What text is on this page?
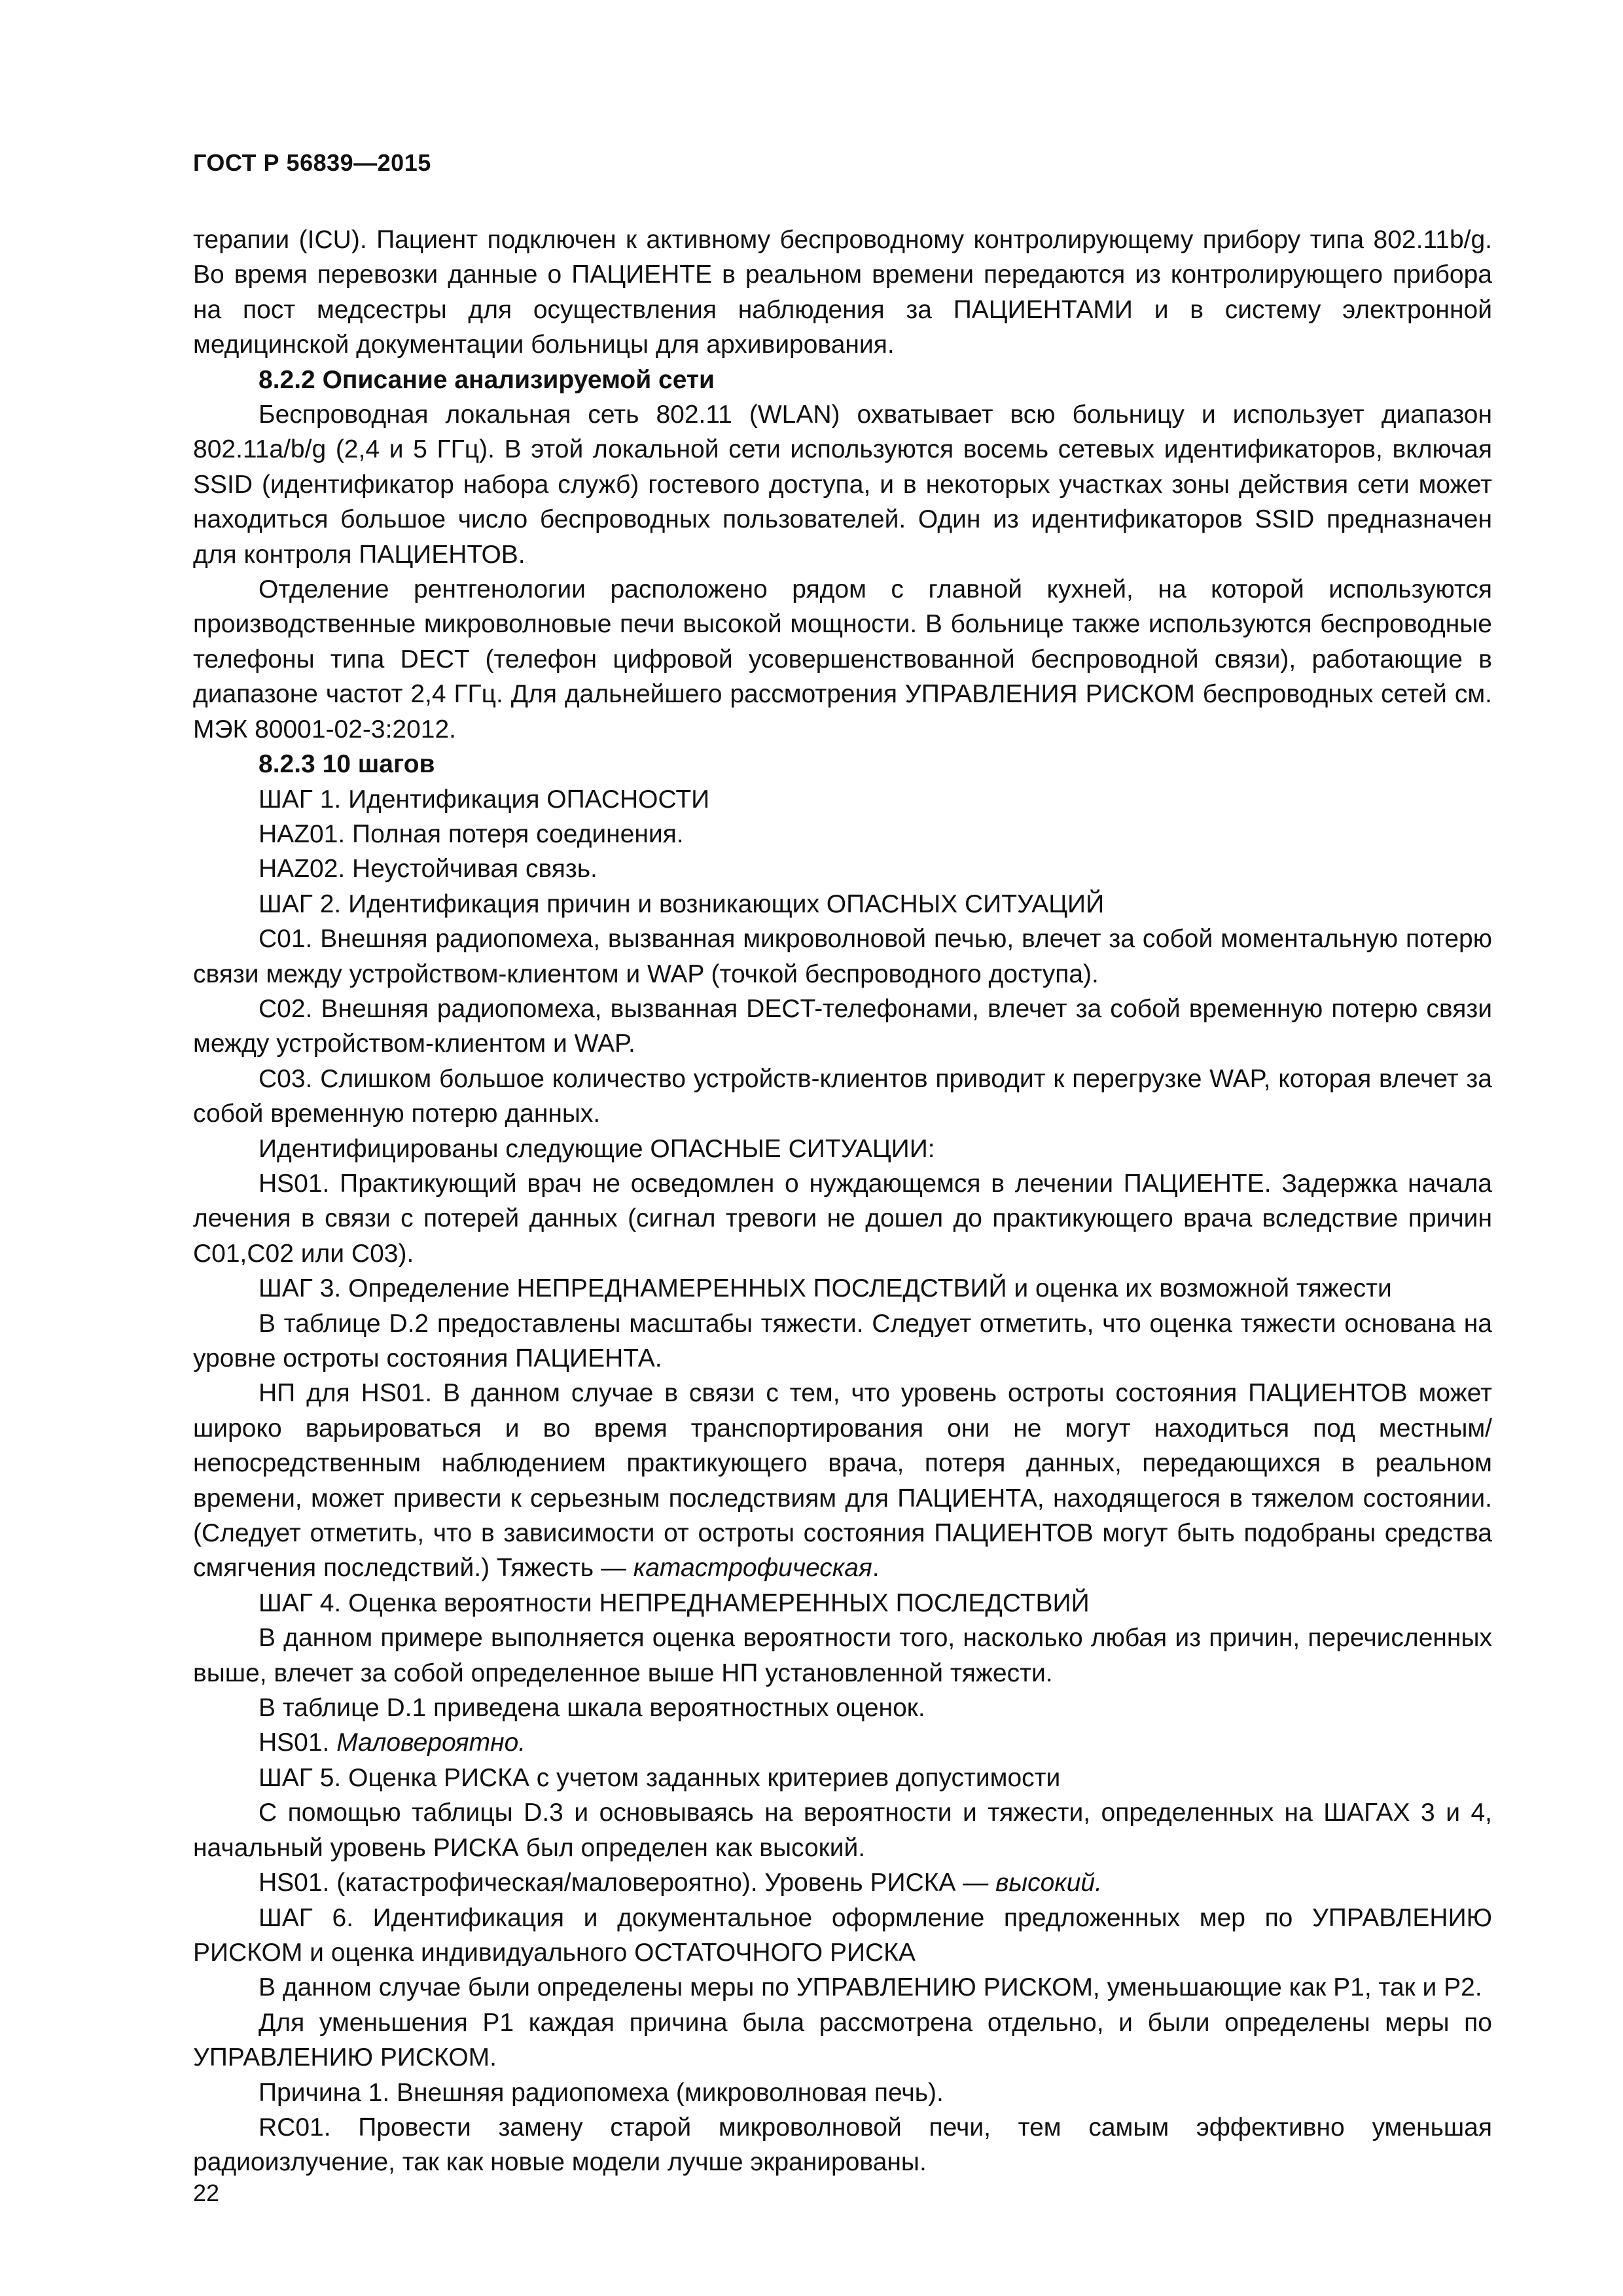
ГОСТ Р 56839—2015

терапии (ICU). Пациент подключен к активному беспроводному контролирующему прибору типа 802.11b/g. Во время перевозки данные о ПАЦИЕНТЕ в реальном времени передаются из контролирующего прибора на пост медсестры для осуществления наблюдения за ПАЦИЕНТАМИ и в систему электронной медицинской документации больницы для архивирования.

8.2.2 Описание анализируемой сети

Беспроводная локальная сеть 802.11 (WLAN) охватывает всю больницу и использует диапазон 802.11a/b/g (2,4 и 5 ГГц). В этой локальной сети используются восемь сетевых идентификаторов, включая SSID (идентификатор набора служб) гостевого доступа, и в некоторых участках зоны действия сети может находиться большое число беспроводных пользователей. Один из идентификаторов SSID предназначен для контроля ПАЦИЕНТОВ.

Отделение рентгенологии расположено рядом с главной кухней, на которой используются производственные микроволновые печи высокой мощности. В больнице также используются беспроводные телефоны типа DECT (телефон цифровой усовершенствованной беспроводной связи), работающие в диапазоне частот 2,4 ГГц. Для дальнейшего рассмотрения УПРАВЛЕНИЯ РИСКОМ беспроводных сетей см. МЭК 80001-02-3:2012.

8.2.3 10 шагов

ШАГ 1. Идентификация ОПАСНОСТИ

HAZ01. Полная потеря соединения.

HAZ02. Неустойчивая связь.

ШАГ 2. Идентификация причин и возникающих ОПАСНЫХ СИТУАЦИЙ

C01. Внешняя радиопомеха, вызванная микроволновой печью, влечет за собой моментальную потерю связи между устройством-клиентом и WAP (точкой беспроводного доступа).

C02. Внешняя радиопомеха, вызванная DECT-телефонами, влечет за собой временную потерю связи между устройством-клиентом и WAP.

C03. Слишком большое количество устройств-клиентов приводит к перегрузке WAP, которая влечет за собой временную потерю данных.

Идентифицированы следующие ОПАСНЫЕ СИТУАЦИИ:

HS01. Практикующий врач не осведомлен о нуждающемся в лечении ПАЦИЕНТЕ. Задержка начала лечения в связи с потерей данных (сигнал тревоги не дошел до практикующего врача вследствие причин C01,C02 или C03).

ШАГ 3. Определение НЕПРЕДНАМЕРЕННЫХ ПОСЛЕДСТВИЙ и оценка их возможной тяжести

В таблице D.2 предоставлены масштабы тяжести. Следует отметить, что оценка тяжести основана на уровне остроты состояния ПАЦИЕНТА.

НП для HS01. В данном случае в связи с тем, что уровень остроты состояния ПАЦИЕНТОВ может широко варьироваться и во время транспортирования они не могут находиться под местным/непосредственным наблюдением практикующего врача, потеря данных, передающихся в реальном времени, может привести к серьезным последствиям для ПАЦИЕНТА, находящегося в тяжелом состоянии. (Следует отметить, что в зависимости от остроты состояния ПАЦИЕНТОВ могут быть подобраны средства смягчения последствий.) Тяжесть — катастрофическая.

ШАГ 4. Оценка вероятности НЕПРЕДНАМЕРЕННЫХ ПОСЛЕДСТВИЙ

В данном примере выполняется оценка вероятности того, насколько любая из причин, перечисленных выше, влечет за собой определенное выше НП установленной тяжести.

В таблице D.1 приведена шкала вероятностных оценок.

HS01. Маловероятно.

ШАГ 5. Оценка РИСКА с учетом заданных критериев допустимости

С помощью таблицы D.3 и основываясь на вероятности и тяжести, определенных на ШАГАХ 3 и 4, начальный уровень РИСКА был определен как высокий.

HS01. (катастрофическая/маловероятно). Уровень РИСКА — высокий.

ШАГ 6. Идентификация и документальное оформление предложенных мер по УПРАВЛЕНИЮ РИСКОМ и оценка индивидуального ОСТАТОЧНОГО РИСКА

В данном случае были определены меры по УПРАВЛЕНИЮ РИСКОМ, уменьшающие как P1, так и P2.

Для уменьшения P1 каждая причина была рассмотрена отдельно, и были определены меры по УПРАВЛЕНИЮ РИСКОМ.

Причина 1. Внешняя радиопомеха (микроволновая печь).

RC01. Провести замену старой микроволновой печи, тем самым эффективно уменьшая радиоизлучение, так как новые модели лучше экранированы.

22
